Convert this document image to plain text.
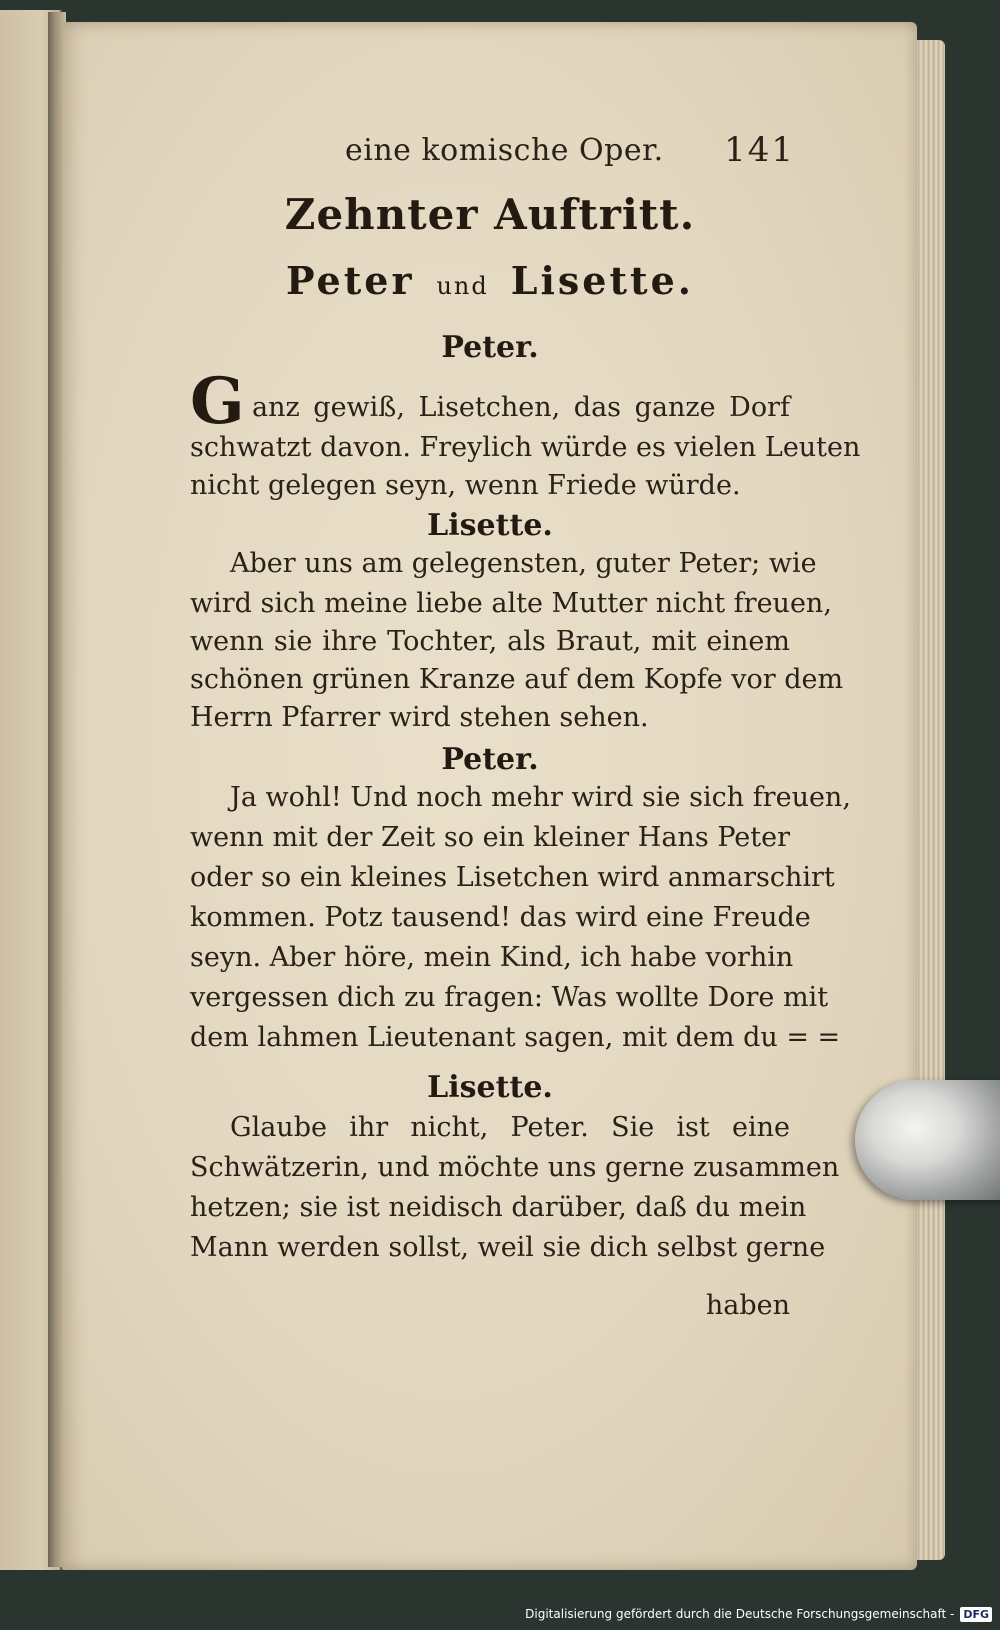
eine komische Oper. 141
Zehnter Auftritt.
Peter und Lisette.
Peter.
G anz gewiß, Lisetchen, das ganze Dorf
schwatzt davon. Freylich würde es vielen Leuten
nicht gelegen seyn, wenn Friede würde.
Lisette.
Aber uns am gelegensten, guter Peter; wie
wird sich meine liebe alte Mutter nicht freuen,
wenn sie ihre Tochter, als Braut, mit einem
schönen grünen Kranze auf dem Kopfe vor dem
Herrn Pfarrer wird stehen sehen.
Peter.
Ja wohl! Und noch mehr wird sie sich freuen,
wenn mit der Zeit so ein kleiner Hans Peter
oder so ein kleines Lisetchen wird anmarschirt
kommen. Potz tausend! das wird eine Freude
seyn. Aber höre, mein Kind, ich habe vorhin
vergessen dich zu fragen: Was wollte Dore mit
dem lahmen Lieutenant sagen, mit dem du = =
Lisette.
Glaube ihr nicht, Peter. Sie ist eine
Schwätzerin, und möchte uns gerne zusammen
hetzen; sie ist neidisch darüber, daß du mein
Mann werden sollst, weil sie dich selbst gerne
haben
Digitalisierung gefördert durch die Deutsche Forschungsgemeinschaft - DFG
